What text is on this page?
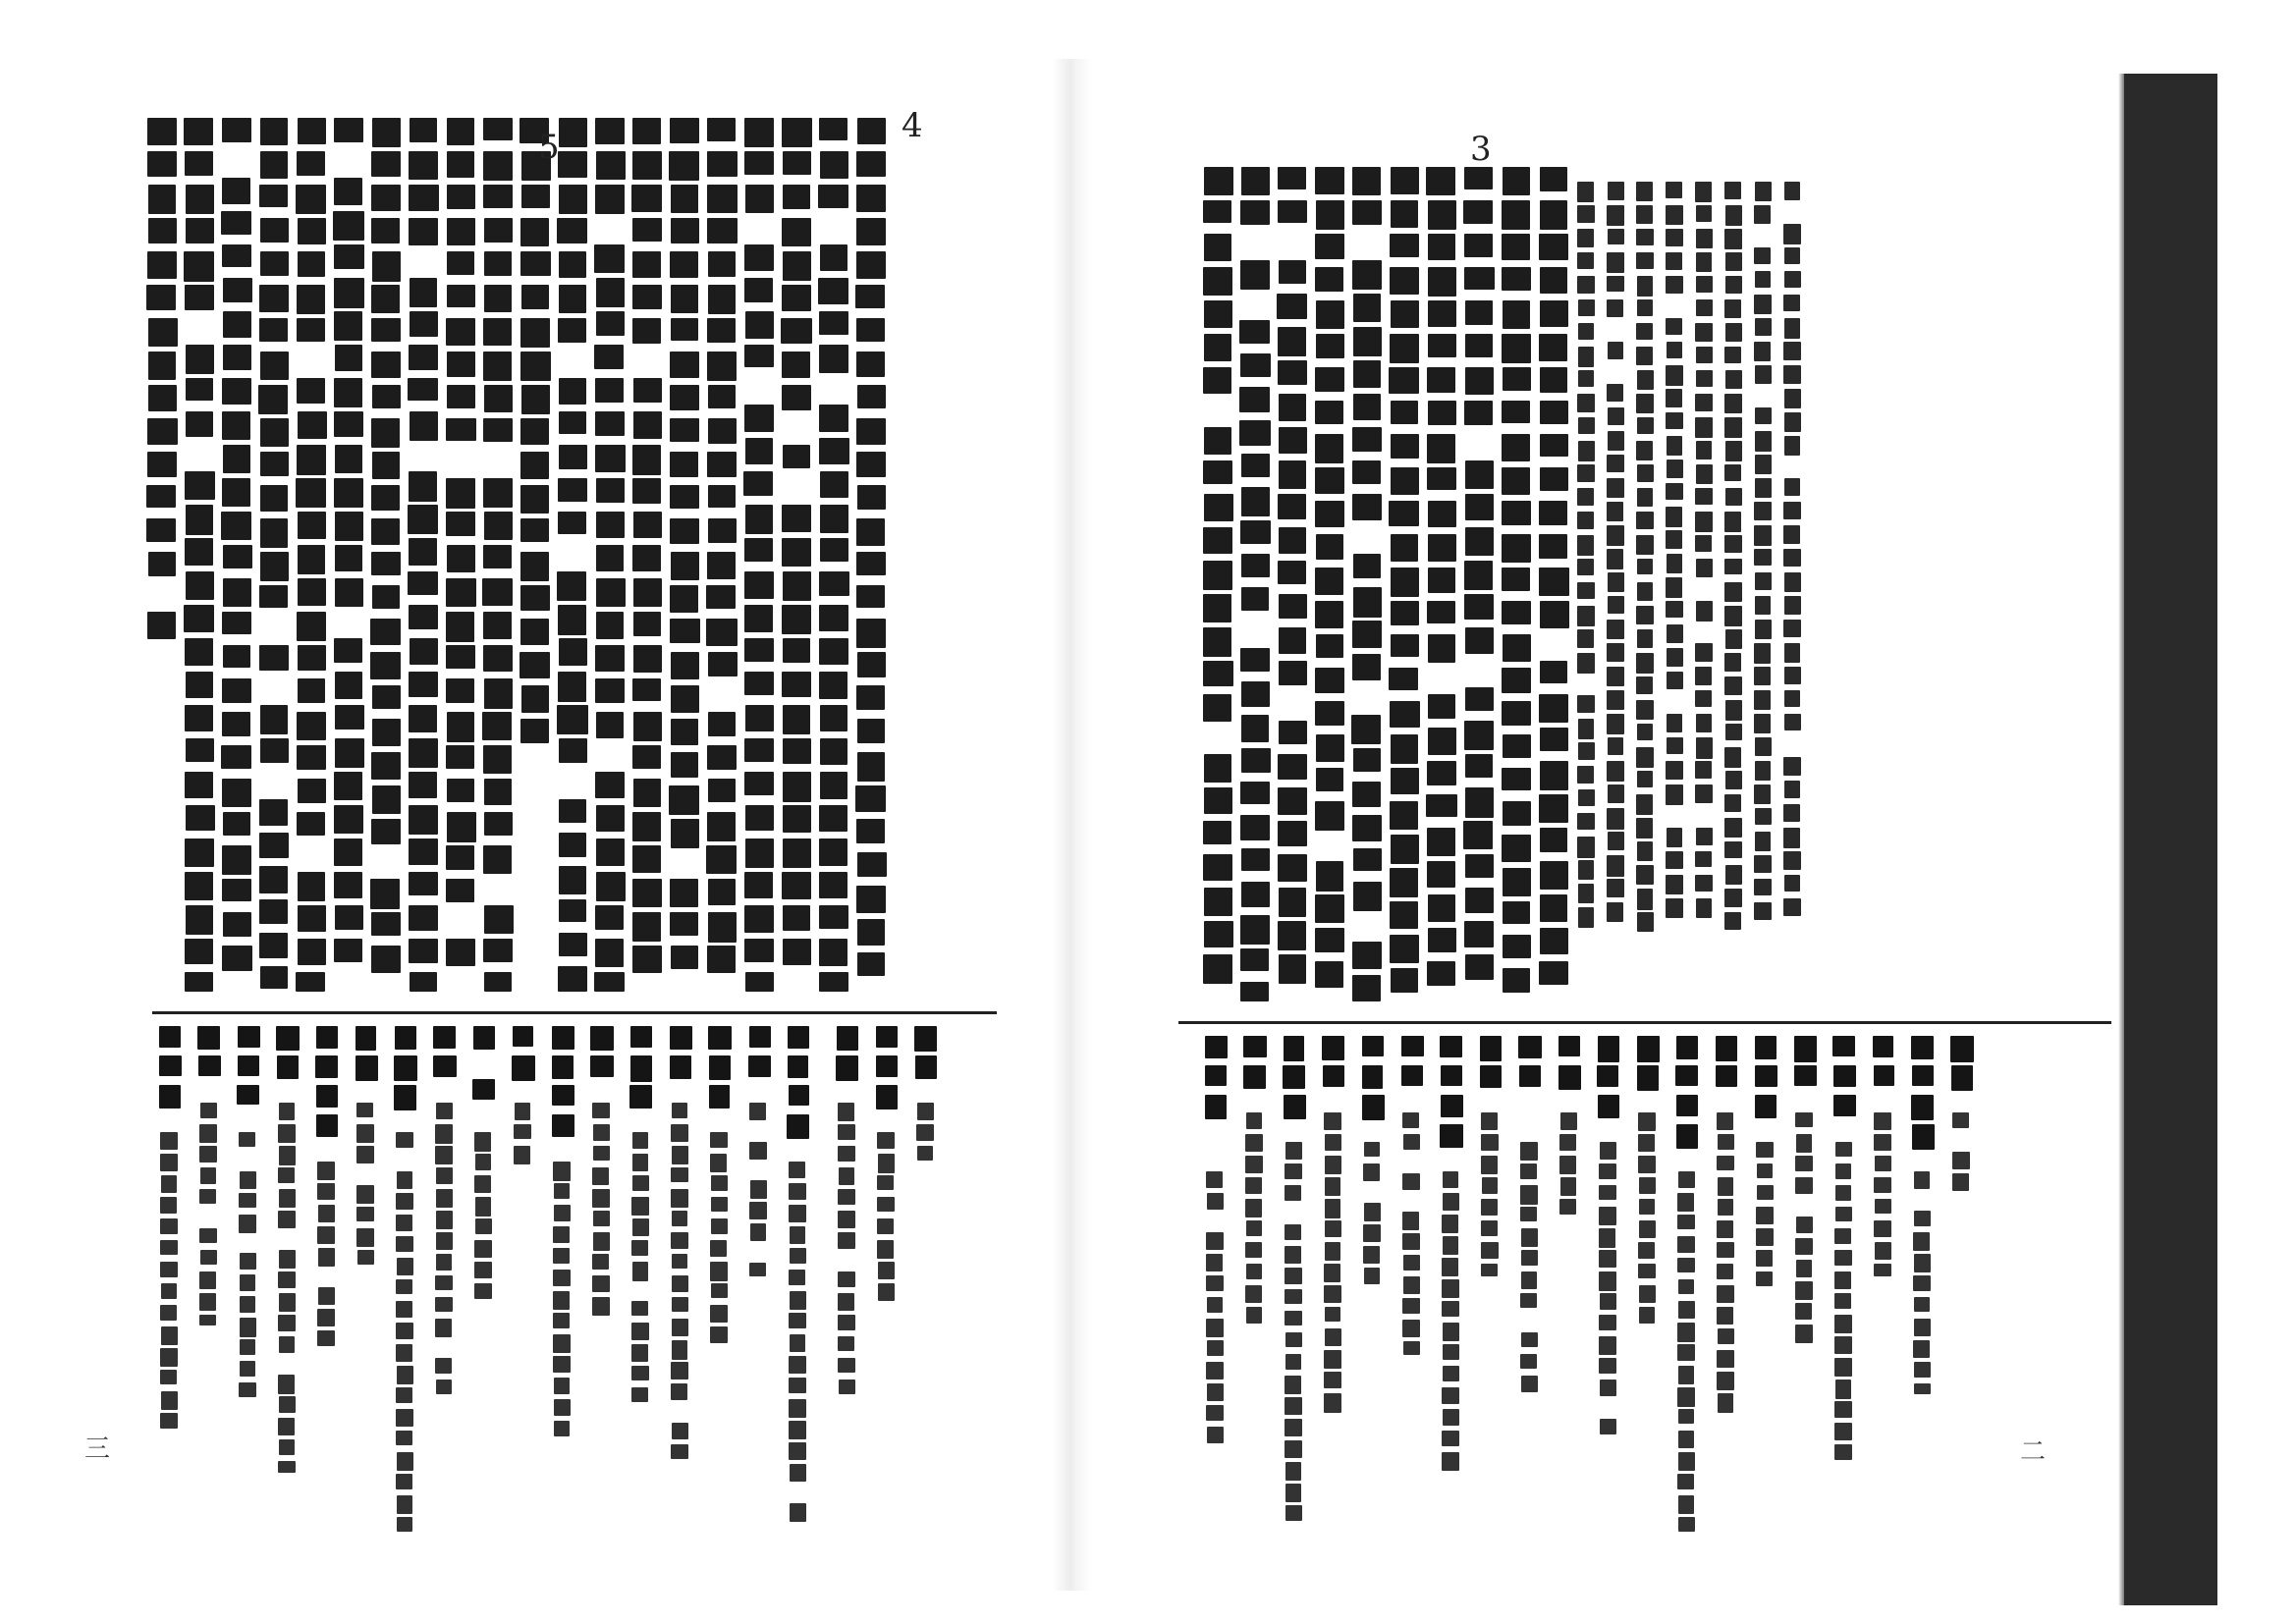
4
5
三
3
二
